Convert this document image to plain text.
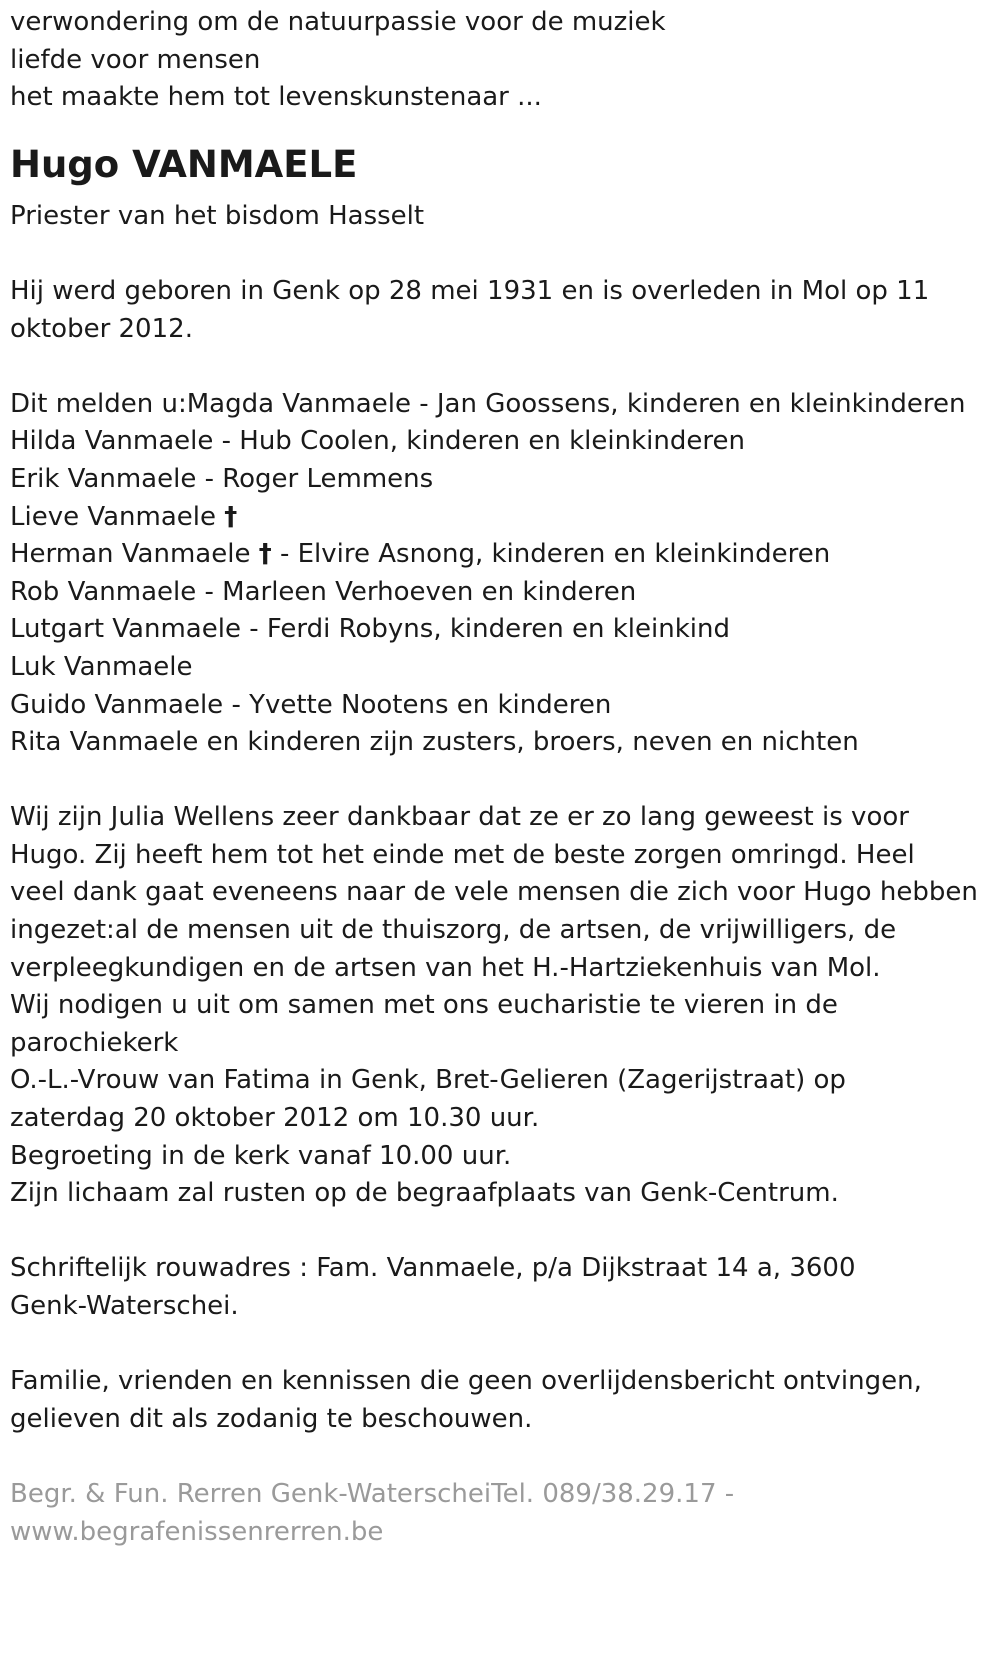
verwondering om de natuurpassie voor de muziek
liefde voor mensen
het maakte hem tot levenskunstenaar ...
Hugo VANMAELE
Priester van het bisdom Hasselt
Hij werd geboren in Genk op 28 mei 1931 en is overleden in Mol op 11
oktober 2012.
Dit melden u:Magda Vanmaele - Jan Goossens, kinderen en kleinkinderen
Hilda Vanmaele - Hub Coolen, kinderen en kleinkinderen
Erik Vanmaele - Roger Lemmens
Lieve Vanmaele †
Herman Vanmaele † - Elvire Asnong, kinderen en kleinkinderen
Rob Vanmaele - Marleen Verhoeven en kinderen
Lutgart Vanmaele - Ferdi Robyns, kinderen en kleinkind
Luk Vanmaele
Guido Vanmaele - Yvette Nootens en kinderen
Rita Vanmaele en kinderen zijn zusters, broers, neven en nichten
Wij zijn Julia Wellens zeer dankbaar dat ze er zo lang geweest is voor
Hugo. Zij heeft hem tot het einde met de beste zorgen omringd. Heel
veel dank gaat eveneens naar de vele mensen die zich voor Hugo hebben
ingezet:al de mensen uit de thuiszorg, de artsen, de vrijwilligers, de
verpleegkundigen en de artsen van het H.-Hartziekenhuis van Mol.
Wij nodigen u uit om samen met ons eucharistie te vieren in de
parochiekerk
O.-L.-Vrouw van Fatima in Genk, Bret-Gelieren (Zagerijstraat) op
zaterdag 20 oktober 2012 om 10.30 uur.
Begroeting in de kerk vanaf 10.00 uur.
Zijn lichaam zal rusten op de begraafplaats van Genk-Centrum.
Schriftelijk rouwadres : Fam. Vanmaele, p/a Dijkstraat 14 a, 3600
Genk-Waterschei.
Familie, vrienden en kennissen die geen overlijdensbericht ontvingen,
gelieven dit als zodanig te beschouwen.
Begr. & Fun. Rerren Genk-WaterscheiTel. 089/38.29.17 -
www.begrafenissenrerren.be
